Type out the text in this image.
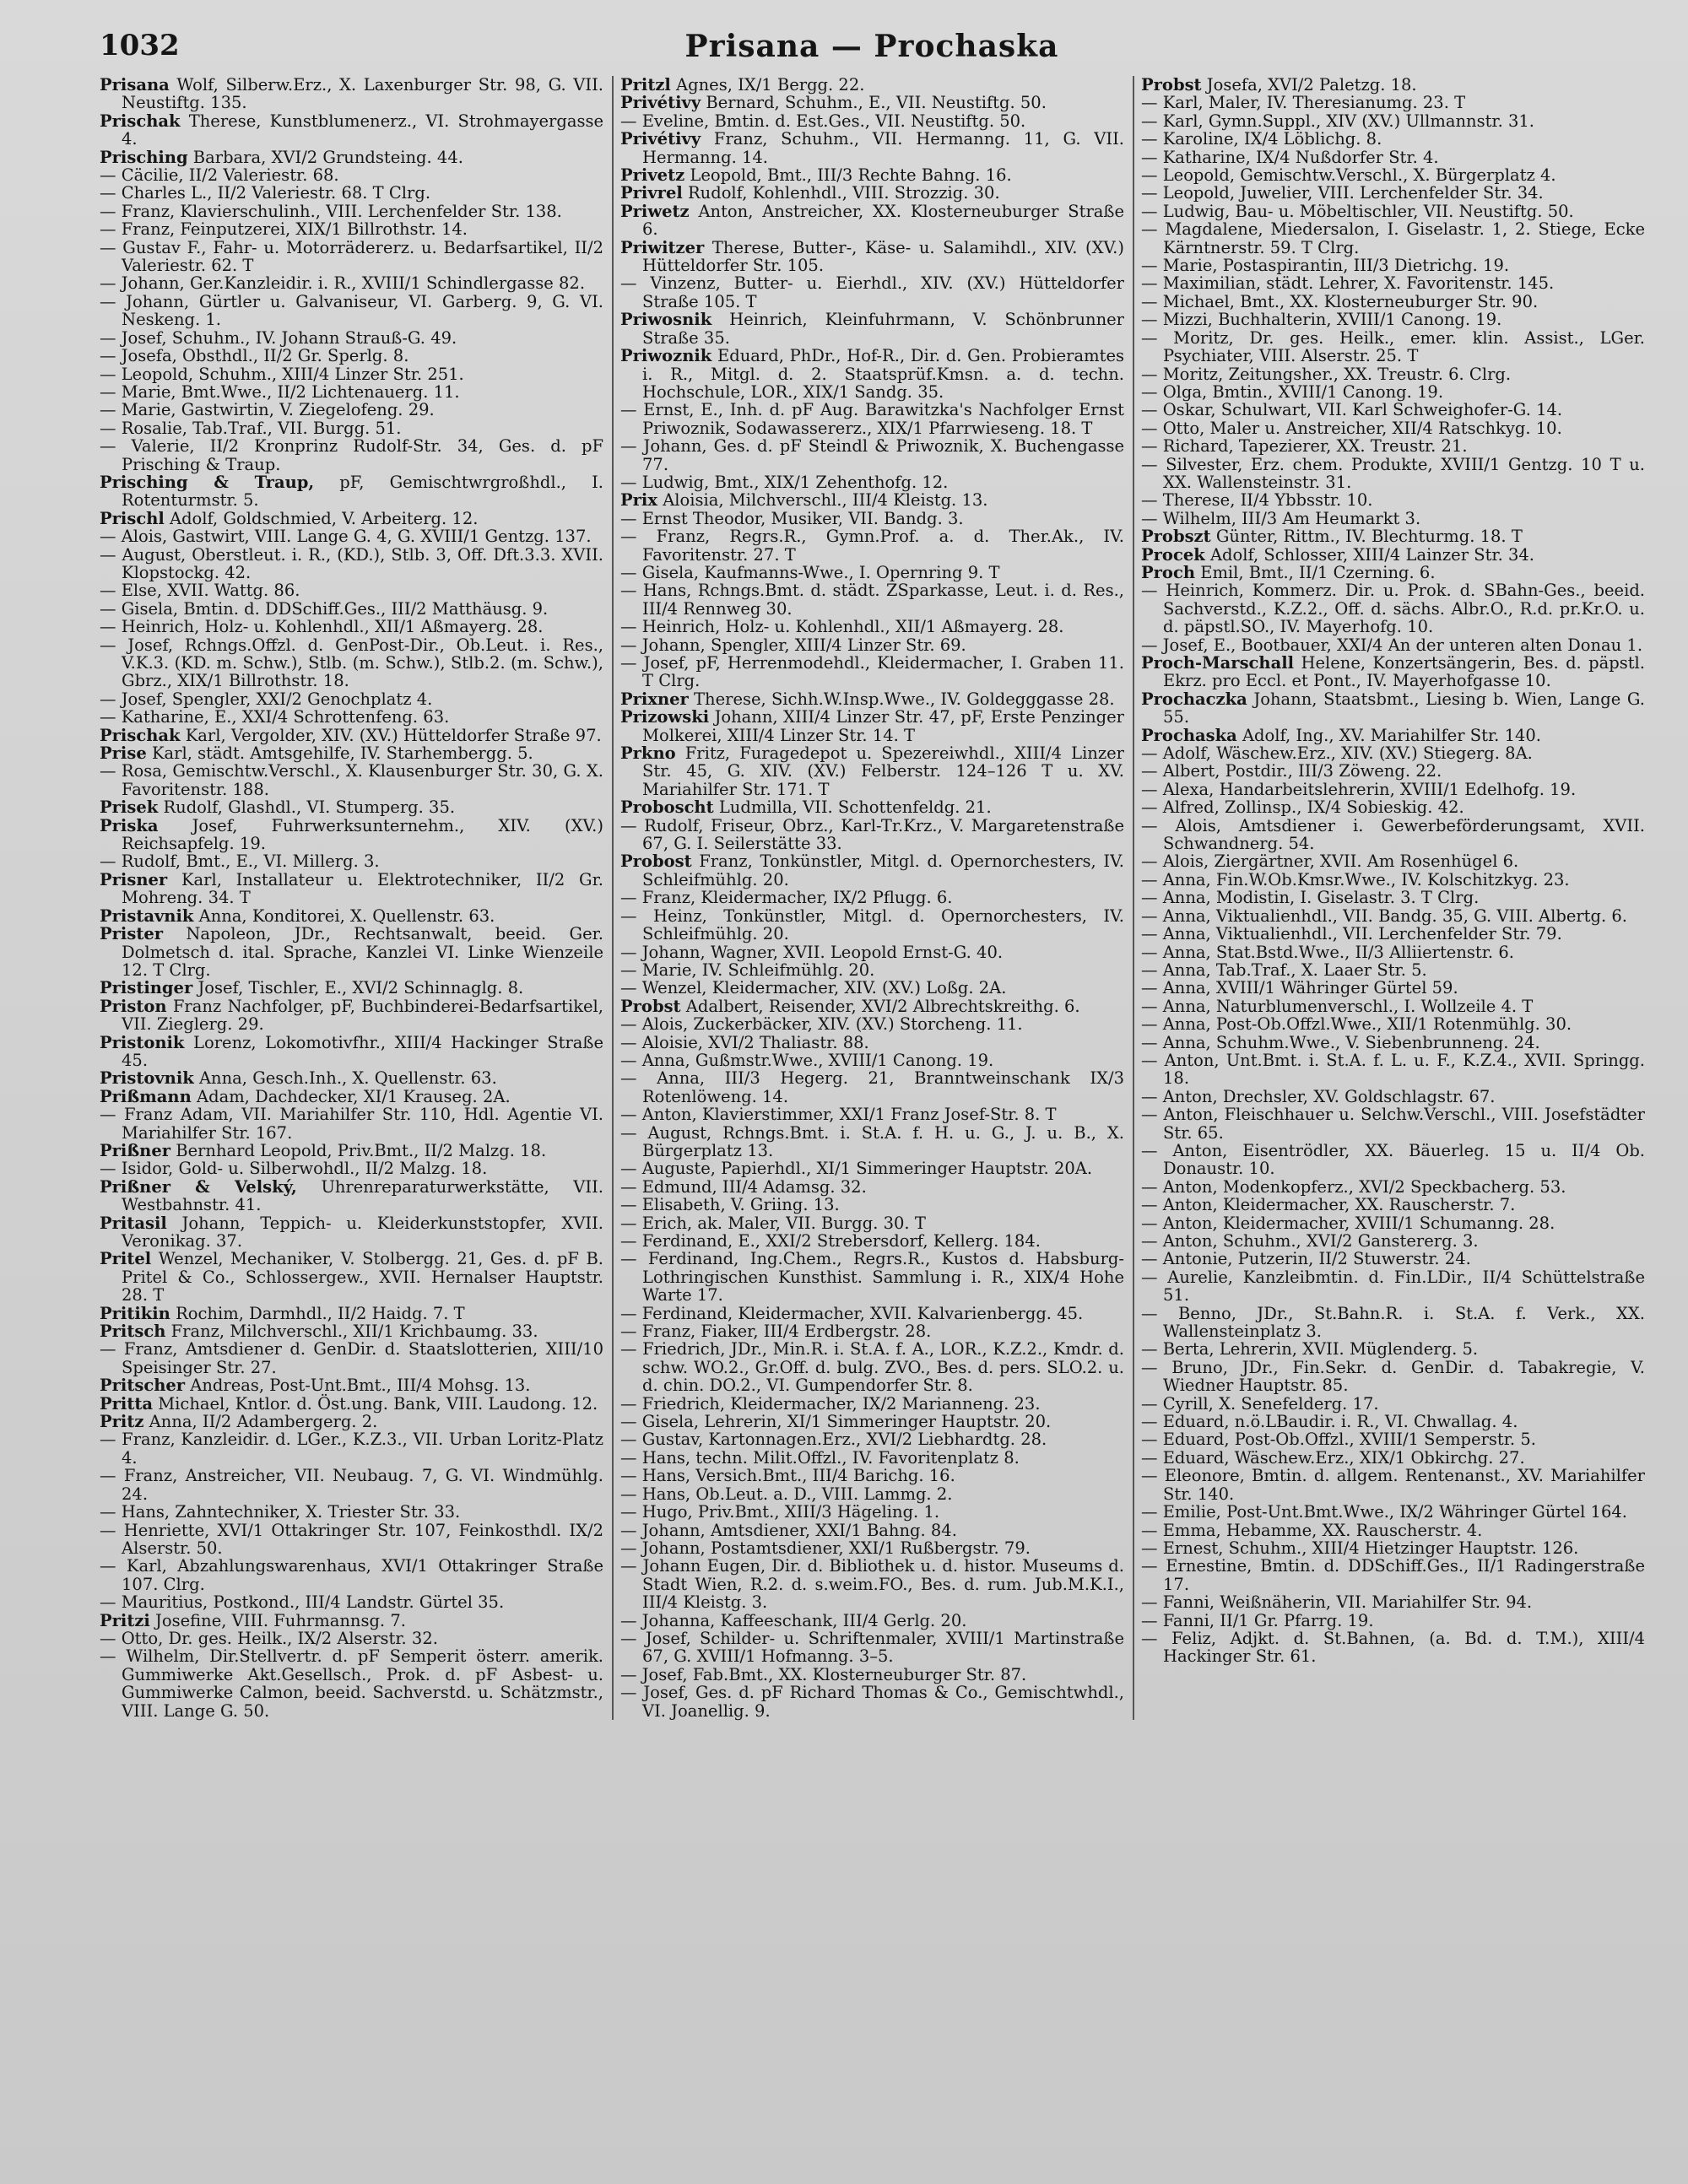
1032	Prisana — Prochaska

Prisana Wolf, Silberw.Erz., X. Laxenburger Str. 98, G. VII. Neustiftg. 135.

Prischak Therese, Kunstblumenerz., VI. Strohmayergasse 4.

Prisching Barbara, XVI/2 Grundsteing. 44.

— Cäcilie, II/2 Valeriestr. 68.

— Charles L., II/2 Valeriestr. 68. T Clrg.

— Franz, Klavierschulinh., VIII. Lerchenfelder Str. 138.

— Franz, Feinputzerei, XIX/1 Billrothstr. 14.

— Gustav F., Fahr- u. Motorrädererz. u. Bedarfsartikel, II/2 Valeriestr. 62. T

— Johann, Ger.Kanzleidir. i. R., XVIII/1 Schindlergasse 82.

— Johann, Gürtler u. Galvaniseur, VI. Garberg. 9, G. VI. Neskeng. 1.

— Josef, Schuhm., IV. Johann Strauß-G. 49.

— Josefa, Obsthdl., II/2 Gr. Sperlg. 8.

— Leopold, Schuhm., XIII/4 Linzer Str. 251.

— Marie, Bmt.Wwe., II/2 Lichtenauerg. 11.

— Marie, Gastwirtin, V. Ziegelofeng. 29.

— Rosalie, Tab.Traf., VII. Burgg. 51.

— Valerie, II/2 Kronprinz Rudolf-Str. 34, Ges. d. pF Prisching & Traup.

Prisching & Traup, pF, Gemischtwrgroßhdl., I. Rotenturmstr. 5.

Prischl Adolf, Goldschmied, V. Arbeiterg. 12.

— Alois, Gastwirt, VIII. Lange G. 4, G. XVIII/1 Gentzg. 137.

— August, Oberstleut. i. R., (KD.), Stlb. 3, Off. Dft.3.3. XVII. Klopstockg. 42.

— Else, XVII. Wattg. 86.

— Gisela, Bmtin. d. DDSchiff.Ges., III/2 Matthäusg. 9.

— Heinrich, Holz- u. Kohlenhdl., XII/1 Aßmayerg. 28.

— Josef, Rchngs.Offzl. d. GenPost-Dir., Ob.Leut. i. Res., V.K.3. (KD. m. Schw.), Stlb. (m. Schw.), Stlb.2. (m. Schw.), Gbrz., XIX/1 Billrothstr. 18.

— Josef, Spengler, XXI/2 Genochplatz 4.

— Katharine, E., XXI/4 Schrottenfeng. 63.

Prischak Karl, Vergolder, XIV. (XV.) Hütteldorfer Straße 97.

Prise Karl, städt. Amtsgehilfe, IV. Starhembergg. 5.

— Rosa, Gemischtw.Verschl., X. Klausenburger Str. 30, G. X. Favoritenstr. 188.

Prisek Rudolf, Glashdl., VI. Stumperg. 35.

Priska Josef, Fuhrwerksunternehm., XIV. (XV.) Reichsapfelg. 19.

— Rudolf, Bmt., E., VI. Millerg. 3.

Prisner Karl, Installateur u. Elektrotechniker, II/2 Gr. Mohreng. 34. T

Pristavnik Anna, Konditorei, X. Quellenstr. 63.

Prister Napoleon, JDr., Rechtsanwalt, beeid. Ger. Dolmetsch d. ital. Sprache, Kanzlei VI. Linke Wienzeile 12. T Clrg.

Pristinger Josef, Tischler, E., XVI/2 Schinnaglg. 8.

Priston Franz Nachfolger, pF, Buchbinderei-Bedarfsartikel, VII. Zieglerg. 29.

Pristonik Lorenz, Lokomotivfhr., XIII/4 Hackinger Straße 45.

Pristovnik Anna, Gesch.Inh., X. Quellenstr. 63.

Prißmann Adam, Dachdecker, XI/1 Krauseg. 2A.

— Franz Adam, VII. Mariahilfer Str. 110, Hdl. Agentie VI. Mariahilfer Str. 167.

Prißner Bernhard Leopold, Priv.Bmt., II/2 Malzg. 18.

— Isidor, Gold- u. Silberwohdl., II/2 Malzg. 18.

Prißner & Velský, Uhrenreparaturwerkstätte, VII. Westbahnstr. 41.

Pritasil Johann, Teppich- u. Kleiderkunststopfer, XVII. Veronikag. 37.

Pritel Wenzel, Mechaniker, V. Stolbergg. 21, Ges. d. pF B. Pritel & Co., Schlossergew., XVII. Hernalser Hauptstr. 28. T

Pritikin Rochim, Darmhdl., II/2 Haidg. 7. T

Pritsch Franz, Milchverschl., XII/1 Krichbaumg. 33.

— Franz, Amtsdiener d. GenDir. d. Staatslotterien, XIII/10 Speisinger Str. 27.

Pritscher Andreas, Post-Unt.Bmt., III/4 Mohsg. 13.

Pritta Michael, Kntlor. d. Öst.ung. Bank, VIII. Laudong. 12.

Pritz Anna, II/2 Adambergerg. 2.

— Franz, Kanzleidir. d. LGer., K.Z.3., VII. Urban Loritz-Platz 4.

— Franz, Anstreicher, VII. Neubaug. 7, G. VI. Windmühlg. 24.

— Hans, Zahntechniker, X. Triester Str. 33.

— Henriette, XVI/1 Ottakringer Str. 107, Feinkosthdl. IX/2 Alserstr. 50.

— Karl, Abzahlungswarenhaus, XVI/1 Ottakringer Straße 107. Clrg.

— Mauritius, Postkond., III/4 Landstr. Gürtel 35.

Pritzi Josefine, VIII. Fuhrmannsg. 7.

— Otto, Dr. ges. Heilk., IX/2 Alserstr. 32.

— Wilhelm, Dir.Stellvertr. d. pF Semperit österr. amerik. Gummiwerke Akt.Gesellsch., Prok. d. pF Asbest- u. Gummiwerke Calmon, beeid. Sachverstd. u. Schätzmstr., VIII. Lange G. 50.

Pritzl Agnes, IX/1 Bergg. 22.

Privétivy Bernard, Schuhm., E., VII. Neustiftg. 50.

— Eveline, Bmtin. d. Est.Ges., VII. Neustiftg. 50.

Privétivy Franz, Schuhm., VII. Hermanng. 11, G. VII. Hermanng. 14.

Privetz Leopold, Bmt., III/3 Rechte Bahng. 16.

Privrel Rudolf, Kohlenhdl., VIII. Strozzig. 30.

Priwetz Anton, Anstreicher, XX. Klosterneuburger Straße 6.

Priwitzer Therese, Butter-, Käse- u. Salamihdl., XIV. (XV.) Hütteldorfer Str. 105.

— Vinzenz, Butter- u. Eierhdl., XIV. (XV.) Hütteldorfer Straße 105. T

Priwosnik Heinrich, Kleinfuhrmann, V. Schönbrunner Straße 35.

Priwoznik Eduard, PhDr., Hof-R., Dir. d. Gen. Probieramtes i. R., Mitgl. d. 2. Staatsprüf.Kmsn. a. d. techn. Hochschule, LOR., XIX/1 Sandg. 35.

— Ernst, E., Inh. d. pF Aug. Barawitzka's Nachfolger Ernst Priwoznik, Sodawassererz., XIX/1 Pfarrwieseng. 18. T

— Johann, Ges. d. pF Steindl & Priwoznik, X. Buchengasse 77.

— Ludwig, Bmt., XIX/1 Zehenthofg. 12.

Prix Aloisia, Milchverschl., III/4 Kleistg. 13.

— Ernst Theodor, Musiker, VII. Bandg. 3.

— Franz, Regrs.R., Gymn.Prof. a. d. Ther.Ak., IV. Favoritenstr. 27. T

— Gisela, Kaufmanns-Wwe., I. Opernring 9. T

— Hans, Rchngs.Bmt. d. städt. ZSparkasse, Leut. i. d. Res., III/4 Rennweg 30.

— Heinrich, Holz- u. Kohlenhdl., XII/1 Aßmayerg. 28.

— Johann, Spengler, XIII/4 Linzer Str. 69.

— Josef, pF, Herrenmodehdl., Kleidermacher, I. Graben 11. T Clrg.

Prixner Therese, Sichh.W.Insp.Wwe., IV. Goldegggasse 28.

Prizowski Johann, XIII/4 Linzer Str. 47, pF, Erste Penzinger Molkerei, XIII/4 Linzer Str. 14. T

Prkno Fritz, Furagedepot u. Spezereiwhdl., XIII/4 Linzer Str. 45, G. XIV. (XV.) Felberstr. 124–126 T u. XV. Mariahilfer Str. 171. T

Proboscht Ludmilla, VII. Schottenfeldg. 21.

— Rudolf, Friseur, Obrz., Karl-Tr.Krz., V. Margaretenstraße 67, G. I. Seilerstätte 33.

Probost Franz, Tonkünstler, Mitgl. d. Opernorchesters, IV. Schleifmühlg. 20.

— Franz, Kleidermacher, IX/2 Pflugg. 6.

— Heinz, Tonkünstler, Mitgl. d. Opernorchesters, IV. Schleifmühlg. 20.

— Johann, Wagner, XVII. Leopold Ernst-G. 40.

— Marie, IV. Schleifmühlg. 20.

— Wenzel, Kleidermacher, XIV. (XV.) Loßg. 2A.

Probst Adalbert, Reisender, XVI/2 Albrechtskreithg. 6.

— Alois, Zuckerbäcker, XIV. (XV.) Storcheng. 11.

— Aloisie, XVI/2 Thaliastr. 88.

— Anna, Gußmstr.Wwe., XVIII/1 Canong. 19.

— Anna, III/3 Hegerg. 21, Branntweinschank IX/3 Rotenlöweng. 14.

— Anton, Klavierstimmer, XXI/1 Franz Josef-Str. 8. T

— August, Rchngs.Bmt. i. St.A. f. H. u. G., J. u. B., X. Bürgerplatz 13.

— Auguste, Papierhdl., XI/1 Simmeringer Hauptstr. 20A.

— Edmund, III/4 Adamsg. 32.

— Elisabeth, V. Griing. 13.

— Erich, ak. Maler, VII. Burgg. 30. T

— Ferdinand, E., XXI/2 Strebersdorf, Kellerg. 184.

— Ferdinand, Ing.Chem., Regrs.R., Kustos d. Habsburg-Lothringischen Kunsthist. Sammlung i. R., XIX/4 Hohe Warte 17.

— Ferdinand, Kleidermacher, XVII. Kalvarienbergg. 45.

— Franz, Fiaker, III/4 Erdbergstr. 28.

— Friedrich, JDr., Min.R. i. St.A. f. A., LOR., K.Z.2., Kmdr. d. schw. WO.2., Gr.Off. d. bulg. ZVO., Bes. d. pers. SLO.2. u. d. chin. DO.2., VI. Gumpendorfer Str. 8.

— Friedrich, Kleidermacher, IX/2 Marianneng. 23.

— Gisela, Lehrerin, XI/1 Simmeringer Hauptstr. 20.

— Gustav, Kartonnagen.Erz., XVI/2 Liebhardtg. 28.

— Hans, techn. Milit.Offzl., IV. Favoritenplatz 8.

— Hans, Versich.Bmt., III/4 Barichg. 16.

— Hans, Ob.Leut. a. D., VIII. Lammg. 2.

— Hugo, Priv.Bmt., XIII/3 Hägeling. 1.

— Johann, Amtsdiener, XXI/1 Bahng. 84.

— Johann, Postamtsdiener, XXI/1 Rußbergstr. 79.

— Johann Eugen, Dir. d. Bibliothek u. d. histor. Museums d. Stadt Wien, R.2. d. s.weim.FO., Bes. d. rum. Jub.M.K.I., III/4 Kleistg. 3.

— Johanna, Kaffeeschank, III/4 Gerlg. 20.

— Josef, Schilder- u. Schriftenmaler, XVIII/1 Martinstraße 67, G. XVIII/1 Hofmanng. 3–5.

— Josef, Fab.Bmt., XX. Klosterneuburger Str. 87.

— Josef, Ges. d. pF Richard Thomas & Co., Gemischtwhdl., VI. Joanellig. 9.

Probst Josefa, XVI/2 Paletzg. 18.

— Karl, Maler, IV. Theresianumg. 23. T

— Karl, Gymn.Suppl., XIV (XV.) Ullmannstr. 31.

— Karoline, IX/4 Löblichg. 8.

— Katharine, IX/4 Nußdorfer Str. 4.

— Leopold, Gemischtw.Verschl., X. Bürgerplatz 4.

— Leopold, Juwelier, VIII. Lerchenfelder Str. 34.

— Ludwig, Bau- u. Möbeltischler, VII. Neustiftg. 50.

— Magdalene, Miedersalon, I. Giselastr. 1, 2. Stiege, Ecke Kärntnerstr. 59. T Clrg.

— Marie, Postaspirantin, III/3 Dietrichg. 19.

— Maximilian, städt. Lehrer, X. Favoritenstr. 145.

— Michael, Bmt., XX. Klosterneuburger Str. 90.

— Mizzi, Buchhalterin, XVIII/1 Canong. 19.

— Moritz, Dr. ges. Heilk., emer. klin. Assist., LGer. Psychiater, VIII. Alserstr. 25. T

— Moritz, Zeitungsher., XX. Treustr. 6. Clrg.

— Olga, Bmtin., XVIII/1 Canong. 19.

— Oskar, Schulwart, VII. Karl Schweighofer-G. 14.

— Otto, Maler u. Anstreicher, XII/4 Ratschkyg. 10.

— Richard, Tapezierer, XX. Treustr. 21.

— Silvester, Erz. chem. Produkte, XVIII/1 Gentzg. 10 T u. XX. Wallensteinstr. 31.

— Therese, II/4 Ybbsstr. 10.

— Wilhelm, III/3 Am Heumarkt 3.

Probszt Günter, Rittm., IV. Blechturmg. 18. T

Procek Adolf, Schlosser, XIII/4 Lainzer Str. 34.

Proch Emil, Bmt., II/1 Czerning. 6.

— Heinrich, Kommerz. Dir. u. Prok. d. SBahn-Ges., beeid. Sachverstd., K.Z.2., Off. d. sächs. Albr.O., R.d. pr.Kr.O. u. d. päpstl.SO., IV. Mayerhofg. 10.

— Josef, E., Bootbauer, XXI/4 An der unteren alten Donau 1.

Proch-Marschall Helene, Konzertsängerin, Bes. d. päpstl. Ekrz. pro Eccl. et Pont., IV. Mayerhofgasse 10.

Prochaczka Johann, Staatsbmt., Liesing b. Wien, Lange G. 55.

Prochaska Adolf, Ing., XV. Mariahilfer Str. 140.

— Adolf, Wäschew.Erz., XIV. (XV.) Stiegerg. 8A.

— Albert, Postdir., III/3 Zöweng. 22.

— Alexa, Handarbeitslehrerin, XVIII/1 Edelhofg. 19.

— Alfred, Zollinsp., IX/4 Sobieskig. 42.

— Alois, Amtsdiener i. Gewerbeförderungsamt, XVII. Schwandnerg. 54.

— Alois, Ziergärtner, XVII. Am Rosenhügel 6.

— Anna, Fin.W.Ob.Kmsr.Wwe., IV. Kolschitzkyg. 23.

— Anna, Modistin, I. Giselastr. 3. T Clrg.

— Anna, Viktualienhdl., VII. Bandg. 35, G. VIII. Albertg. 6.

— Anna, Viktualienhdl., VII. Lerchenfelder Str. 79.

— Anna, Stat.Bstd.Wwe., II/3 Alliiertenstr. 6.

— Anna, Tab.Traf., X. Laaer Str. 5.

— Anna, XVIII/1 Währinger Gürtel 59.

— Anna, Naturblumenverschl., I. Wollzeile 4. T

— Anna, Post-Ob.Offzl.Wwe., XII/1 Rotenmühlg. 30.

— Anna, Schuhm.Wwe., V. Siebenbrunneng. 24.

— Anton, Unt.Bmt. i. St.A. f. L. u. F., K.Z.4., XVII. Springg. 18.

— Anton, Drechsler, XV. Goldschlagstr. 67.

— Anton, Fleischhauer u. Selchw.Verschl., VIII. Josefstädter Str. 65.

— Anton, Eisentrödler, XX. Bäuerleg. 15 u. II/4 Ob. Donaustr. 10.

— Anton, Modenkopferz., XVI/2 Speckbacherg. 53.

— Anton, Kleidermacher, XX. Rauscherstr. 7.

— Anton, Kleidermacher, XVIII/1 Schumanng. 28.

— Anton, Schuhm., XVI/2 Ganstererg. 3.

— Antonie, Putzerin, II/2 Stuwerstr. 24.

— Aurelie, Kanzleibmtin. d. Fin.LDir., II/4 Schüttelstraße 51.

— Benno, JDr., St.Bahn.R. i. St.A. f. Verk., XX. Wallensteinplatz 3.

— Berta, Lehrerin, XVII. Müglenderg. 5.

— Bruno, JDr., Fin.Sekr. d. GenDir. d. Tabakregie, V. Wiedner Hauptstr. 85.

— Cyrill, X. Senefelderg. 17.

— Eduard, n.ö.LBaudir. i. R., VI. Chwallag. 4.

— Eduard, Post-Ob.Offzl., XVIII/1 Semperstr. 5.

— Eduard, Wäschew.Erz., XIX/1 Obkirchg. 27.

— Eleonore, Bmtin. d. allgem. Rentenanst., XV. Mariahilfer Str. 140.

— Emilie, Post-Unt.Bmt.Wwe., IX/2 Währinger Gürtel 164.

— Emma, Hebamme, XX. Rauscherstr. 4.

— Ernest, Schuhm., XIII/4 Hietzinger Hauptstr. 126.

— Ernestine, Bmtin. d. DDSchiff.Ges., II/1 Radingerstraße 17.

— Fanni, Weißnäherin, VII. Mariahilfer Str. 94.

— Fanni, II/1 Gr. Pfarrg. 19.

— Feliz, Adjkt. d. St.Bahnen, (a. Bd. d. T.M.), XIII/4 Hackinger Str. 61.
